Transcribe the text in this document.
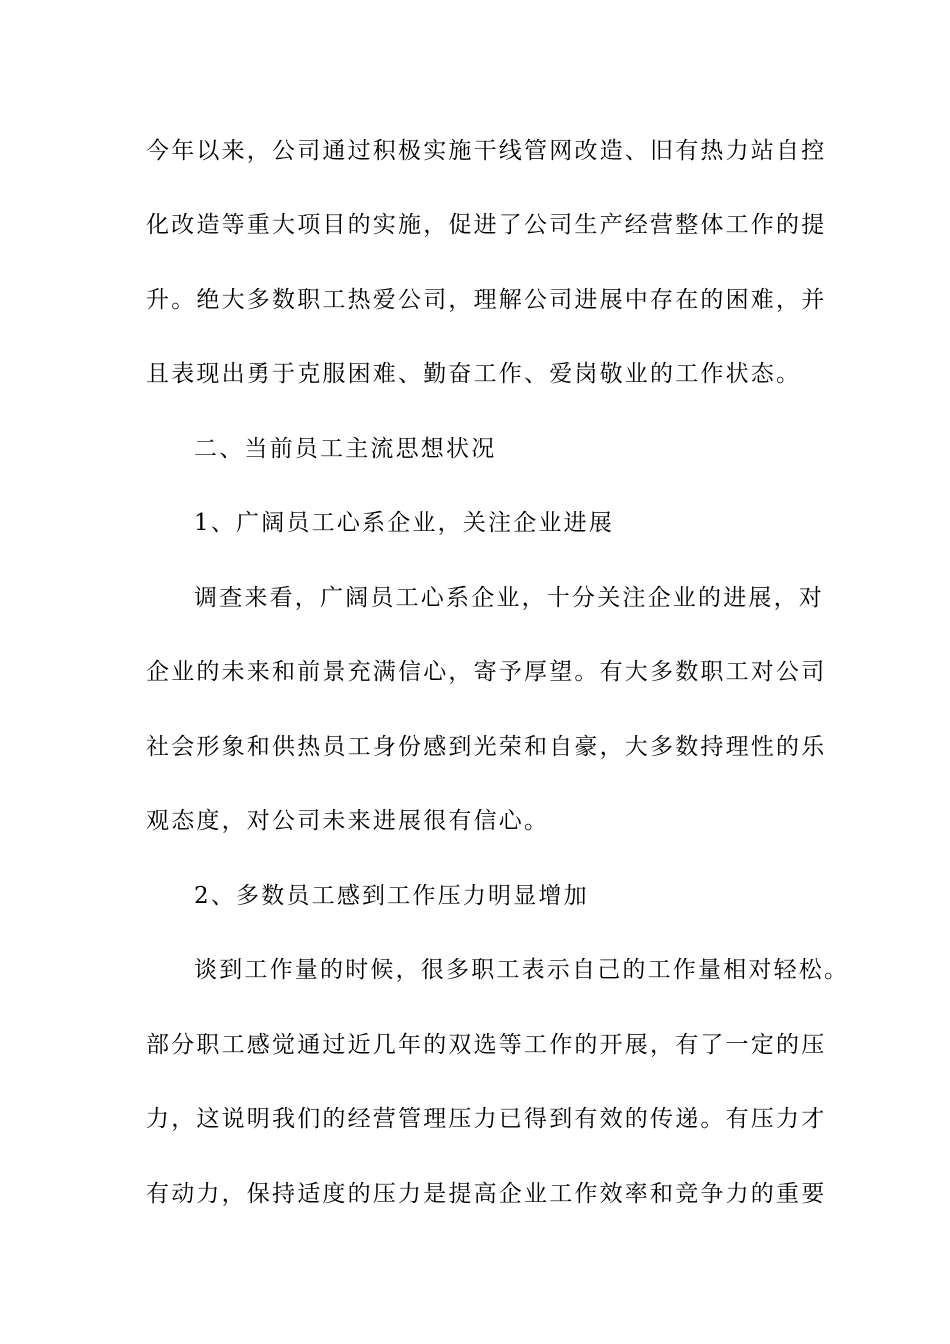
今年以来，公司通过积极实施干线管网改造、旧有热力站自控
化改造等重大项目的实施，促进了公司生产经营整体工作的提
升。绝大多数职工热爱公司，理解公司进展中存在的困难，并
且表现出勇于克服困难、勤奋工作、爱岗敬业的工作状态。
二、当前员工主流思想状况
1、广阔员工心系企业，关注企业进展
调查来看，广阔员工心系企业，十分关注企业的进展，对
企业的未来和前景充满信心，寄予厚望。有大多数职工对公司
社会形象和供热员工身份感到光荣和自豪，大多数持理性的乐
观态度，对公司未来进展很有信心。
2、多数员工感到工作压力明显增加
谈到工作量的时候，很多职工表示自己的工作量相对轻松。
部分职工感觉通过近几年的双选等工作的开展，有了一定的压
力，这说明我们的经营管理压力已得到有效的传递。有压力才
有动力，保持适度的压力是提高企业工作效率和竞争力的重要
